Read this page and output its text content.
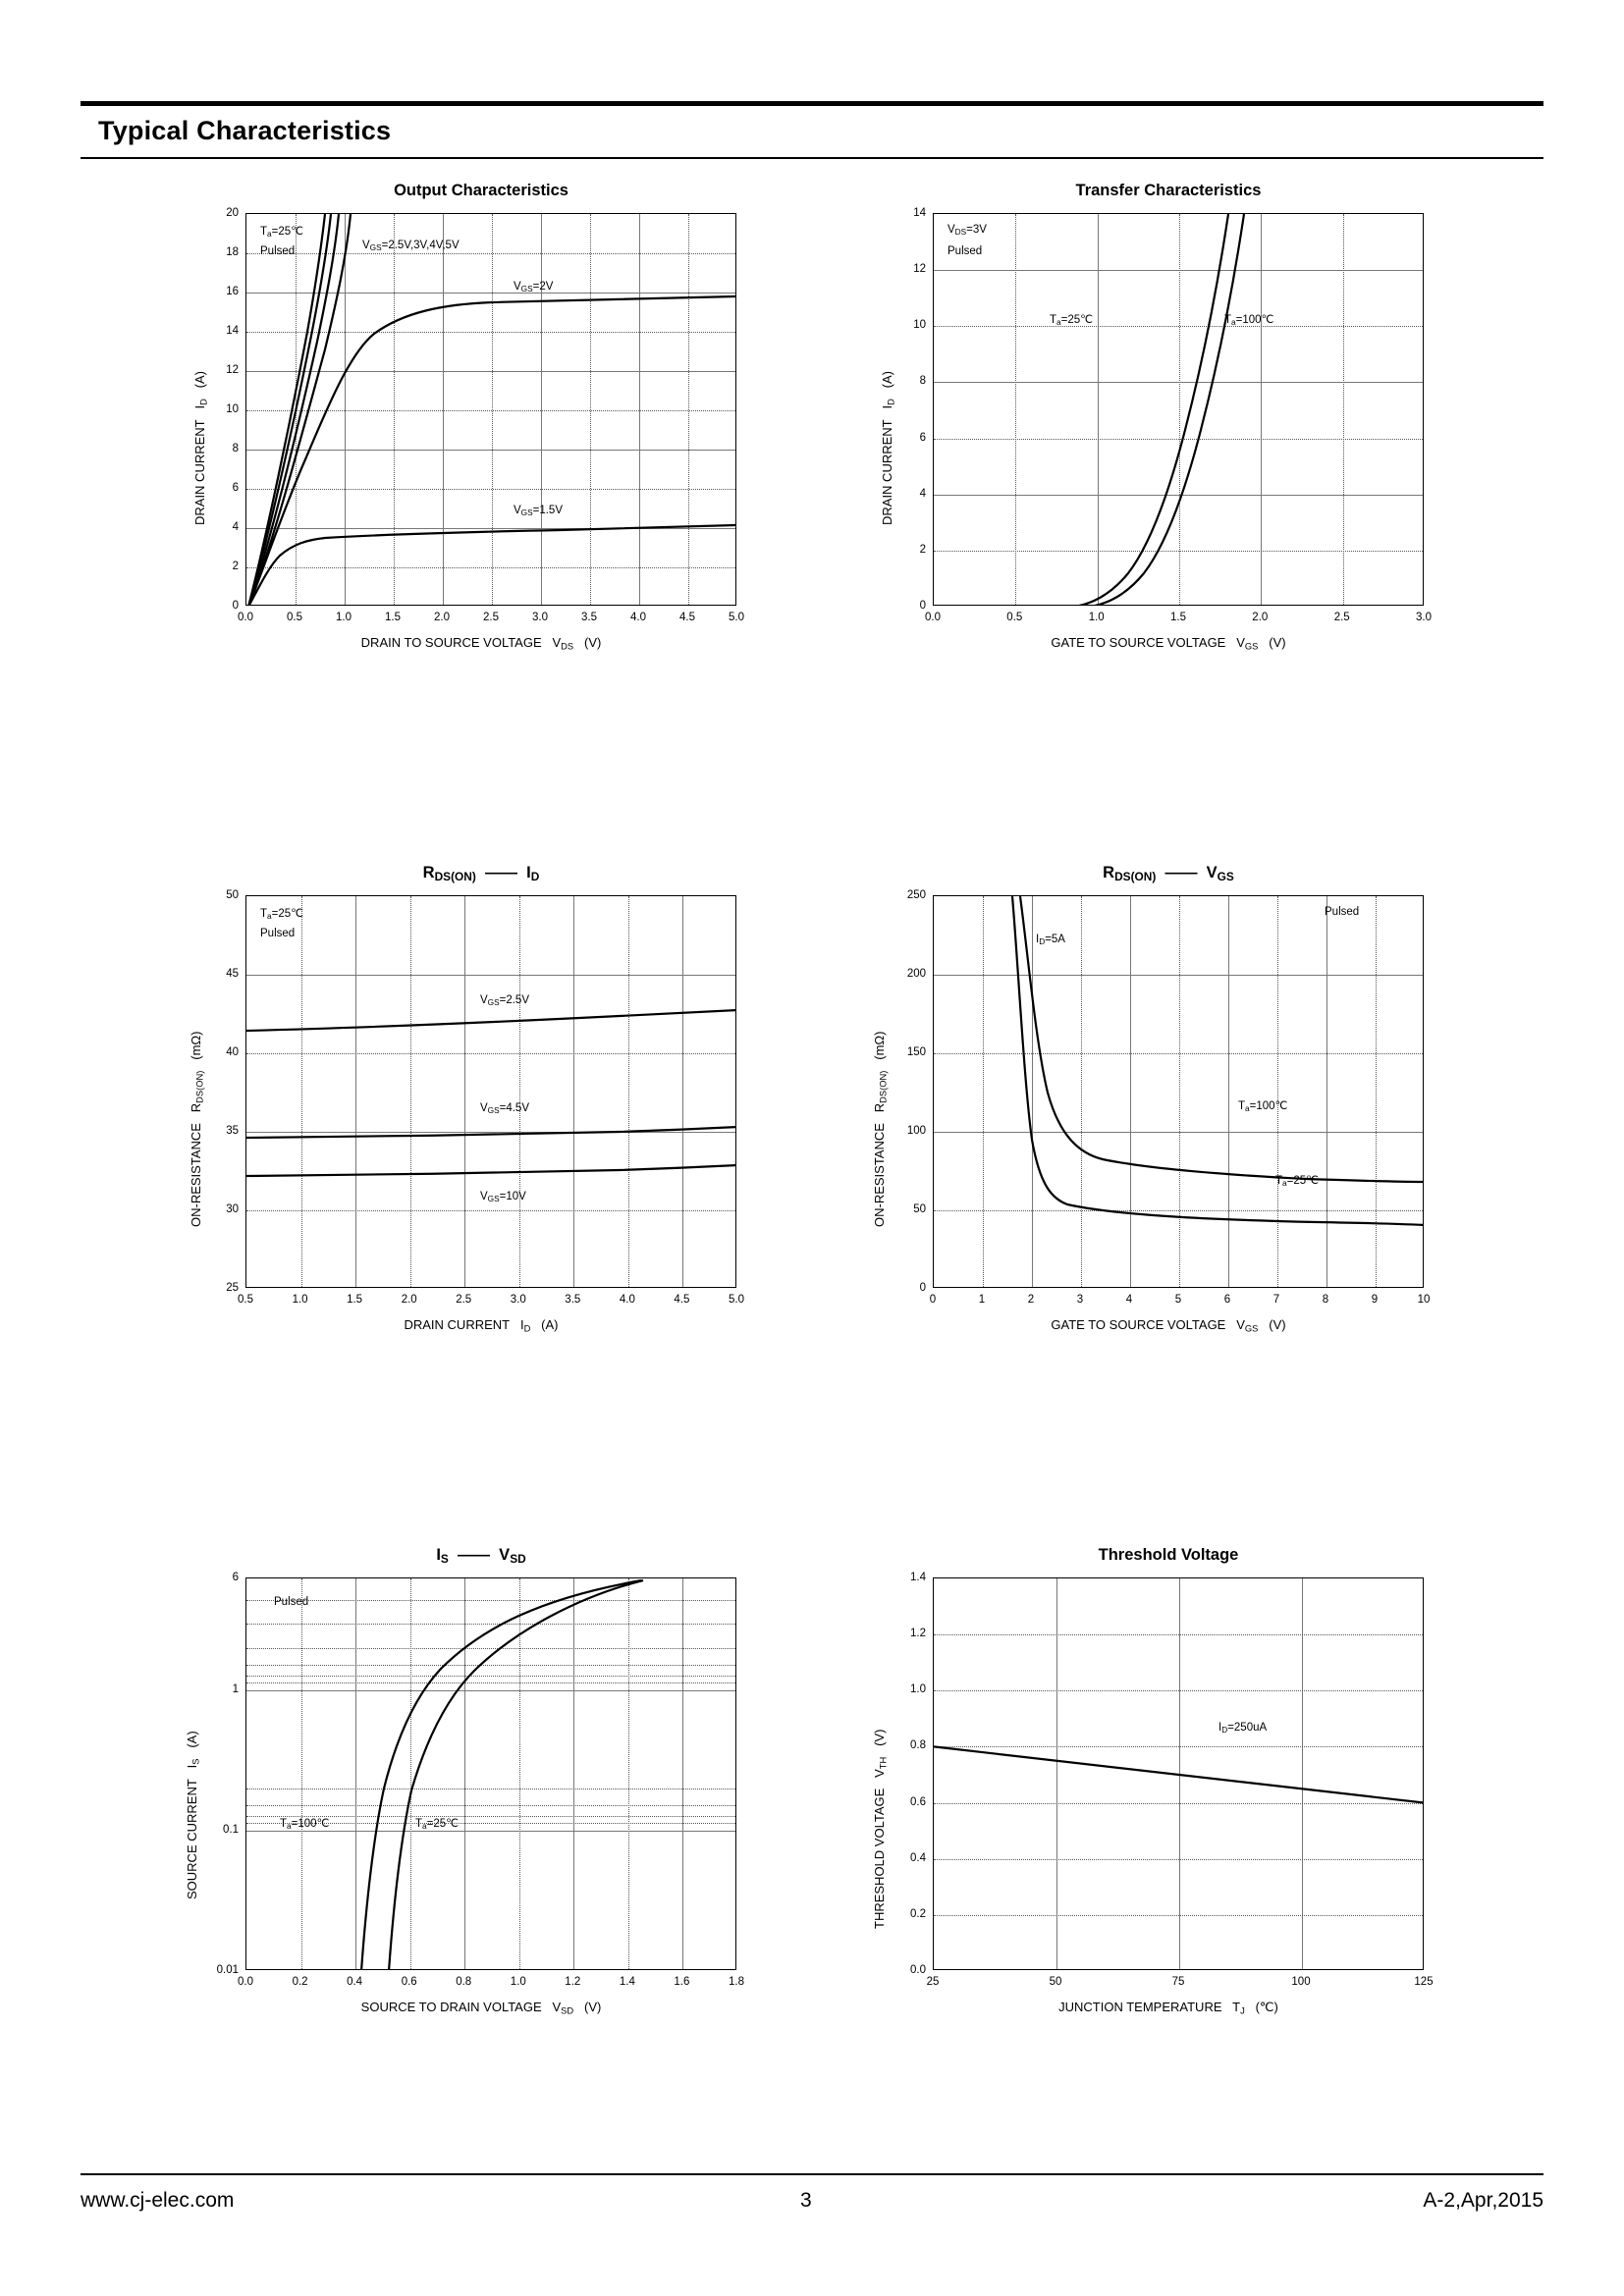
Typical Characteristics
Output Characteristics
$T_a=25℃$
Pulsed	$V_{GS}=2.5V,3V,4V,5V$
$V_{GS}=2V$
$V_{GS}=1.5V$
0.0	0.5	1.0	1.5	2.0	2.5	3.0	3.5	4.0	4.5	5.0
0
2
4
6
8
10
12
14
16
18
20
DRAIN TO SOURCE VOLTAGE $V_{DS}$ (V)
DRAIN CURRENT   $I_D$   (A)
Transfer Characteristics
$V_{DS}=3V$
Pulsed
$T_a=25℃$	$T_a=100℃$
0.0	0.5	1.0	1.5	2.0	2.5	3.0
0
2
4
6
8
10
12
14
GATE TO SOURCE VOLTAGE $V_{GS}$ (V)
DRAIN CURRENT   $I_D$   (A)
$R_{DS(ON)}$ —— $I_D$
$T_a=25℃$
Pulsed
$V_{GS}=2.5V$
$V_{GS}=4.5V$
$V_{GS}=10V$
0.5	1.0	1.5	2.0	2.5	3.0	3.5	4.0	4.5	5.0
25
30
35
40
45
50
DRAIN CURRENT $I_D$ (A)
ON-RESISTANCE   $R_{DS(ON)}$   (mΩ)
$R_{DS(ON)}$ —— $V_{GS}$
Pulsed
$I_D=5A$
$T_a=100℃$
$T_a=25℃$
0	1	2	3	4	5	6	7	8	9	10
0
50
100
150
200
250
GATE TO SOURCE VOLTAGE $V_{GS}$ (V)
ON-RESISTANCE   $R_{DS(ON)}$   (mΩ)
$I_S$ —— $V_{SD}$
Pulsed
$T_a=100℃$	$T_a=25℃$
0.0	0.2	0.4	0.6	0.8	1.0	1.2	1.4	1.6	1.8
0.01
0.1
1
6
SOURCE TO DRAIN VOLTAGE $V_{SD}$ (V)
SOURCE CURRENT   $I_S$   (A)
Threshold Voltage
$I_D=250uA$
25	50	75	100	125
0.0
0.2
0.4
0.6
0.8
1.0
1.2
1.4
JUNCTION TEMPERATURE $T_J$ (℃)
THRESHOLD VOLTAGE   $V_{TH}$   (V)
www.cj-elec.com	3	A-2,Apr,2015
